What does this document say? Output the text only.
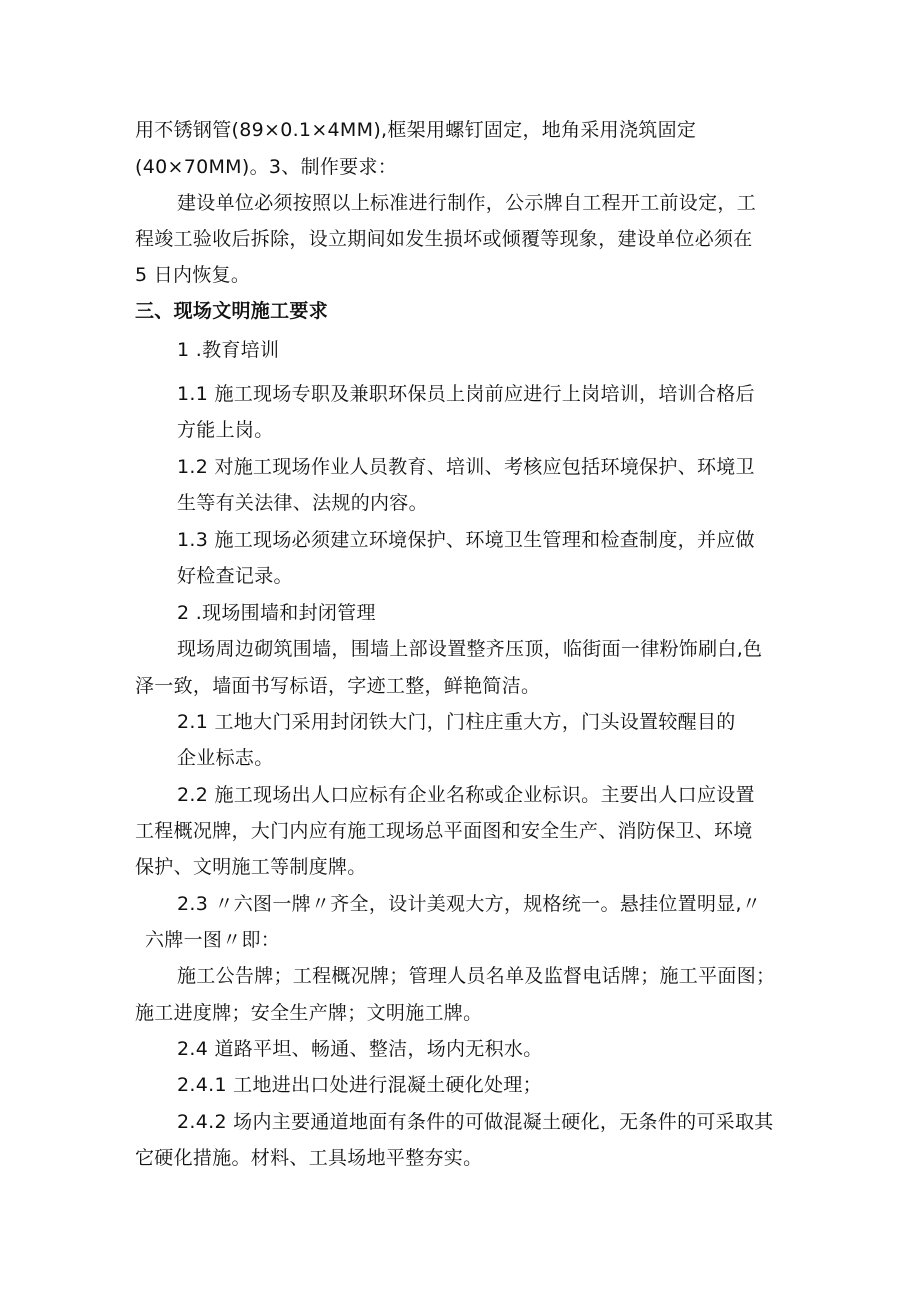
用不锈钢管(89×0.1×4MM),框架用螺钉固定，地角采用浇筑固定
(40×70MM)。3、制作要求：
建设单位必须按照以上标准进行制作，公示牌自工程开工前设定，工
程竣工验收后拆除，设立期间如发生损坏或倾覆等现象，建设单位必须在
5 日内恢复。
三、现场文明施工要求
1 .教育培训
1.1 施工现场专职及兼职环保员上岗前应进行上岗培训，培训合格后
方能上岗。
1.2 对施工现场作业人员教育、培训、考核应包括环境保护、环境卫
生等有关法律、法规的内容。
1.3 施工现场必须建立环境保护、环境卫生管理和检查制度，并应做
好检查记录。
2 .现场围墙和封闭管理
现场周边砌筑围墙，围墙上部设置整齐压顶，临街面一律粉饰刷白,色
泽一致，墙面书写标语，字迹工整，鲜艳简洁。
2.1 工地大门采用封闭铁大门，门柱庄重大方，门头设置较醒目的
企业标志。
2.2 施工现场出人口应标有企业名称或企业标识。主要出人口应设置
工程概况牌，大门内应有施工现场总平面图和安全生产、消防保卫、环境
保护、文明施工等制度牌。
2.3 〃六图一牌〃齐全，设计美观大方，规格统一。悬挂位置明显,〃
六牌一图〃即：
施工公告牌；工程概况牌；管理人员名单及监督电话牌；施工平面图；
施工进度牌；安全生产牌；文明施工牌。
2.4 道路平坦、畅通、整洁，场内无积水。
2.4.1 工地进出口处进行混凝土硬化处理；
2.4.2 场内主要通道地面有条件的可做混凝土硬化，无条件的可采取其
它硬化措施。材料、工具场地平整夯实。
